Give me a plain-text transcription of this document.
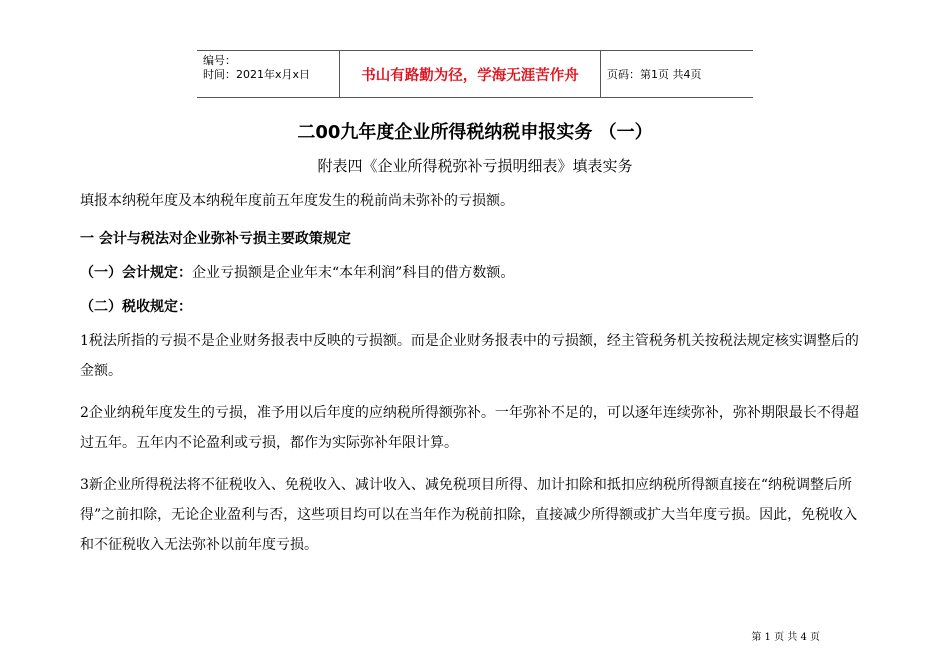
编号：
时间：2021年x月x日	书山有路勤为径，学海无涯苦作舟	页码：第1页 共4页
二00九年度企业所得税纳税申报实务 （一）
附表四《企业所得税弥补亏损明细表》填表实务
填报本纳税年度及本纳税年度前五年度发生的税前尚未弥补的亏损额。
一 会计与税法对企业弥补亏损主要政策规定
（一）会计规定：企业亏损额是企业年末“本年利润”科目的借方数额。
（二）税收规定：
1税法所指的亏损不是企业财务报表中反映的亏损额。而是企业财务报表中的亏损额，经主管税务机关按税法规定核实调整后的金额。
2企业纳税年度发生的亏损，准予用以后年度的应纳税所得额弥补。一年弥补不足的，可以逐年连续弥补，弥补期限最长不得超过五年。五年内不论盈利或亏损，都作为实际弥补年限计算。
3新企业所得税法将不征税收入、免税收入、减计收入、减免税项目所得、加计扣除和抵扣应纳税所得额直接在“纳税调整后所得”之前扣除，无论企业盈利与否，这些项目均可以在当年作为税前扣除，直接减少所得额或扩大当年度亏损。因此，免税收入和不征税收入无法弥补以前年度亏损。
第 1 页 共 4 页
